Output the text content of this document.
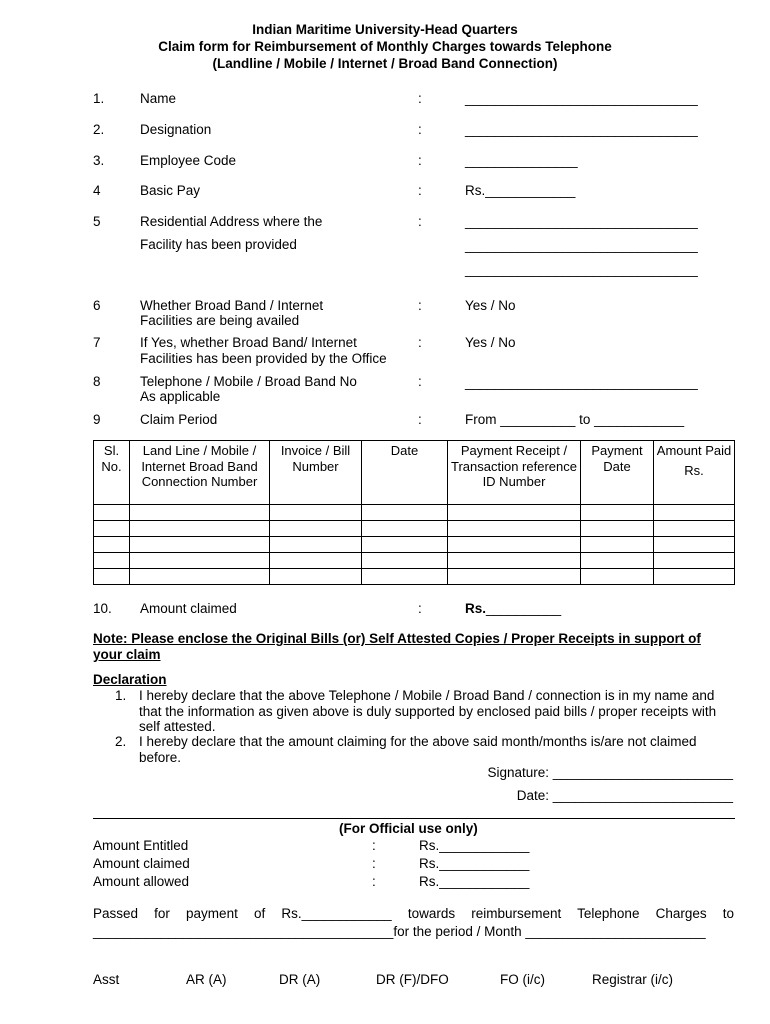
Indian Maritime University-Head Quarters
Claim form for Reimbursement of Monthly Charges towards Telephone
(Landline / Mobile / Internet / Broad Band Connection)
1.	Name	:	_______________________________
2.	Designation	:	_______________________________
3.	Employee Code	:	_______________
4	Basic Pay	:	Rs.____________
5	Residential Address where the
Facility has been provided
:	_______________________________
_______________________________
_______________________________
6	Whether Broad Band / Internet
Facilities are being availed
:	Yes / No
7	If Yes, whether Broad Band/ Internet
Facilities has been provided by the Office
:	Yes / No
8	Telephone / Mobile / Broad Band No
As applicable
:	_______________________________
9	Claim Period	:	From __________ to ____________
Sl. No.	Land Line / Mobile / Internet Broad Band Connection Number	Invoice / Bill Number	Date	Payment Receipt / Transaction reference ID Number	Payment Date	Amount Paid
Rs.

10. Amount claimed	:	Rs.__________
Note: Please enclose the Original Bills (or) Self Attested Copies / Proper Receipts in support of your claim
Declaration
1. I hereby declare that the above Telephone / Mobile / Broad Band / connection is in my name and that the information as given above is duly supported by enclosed paid bills / proper receipts with self attested.
2. I hereby declare that the amount claiming for the above said month/months is/are not claimed before.
Signature: ________________________
Date: ________________________
(For Official use only)
Amount Entitled	:	Rs.____________
Amount claimed	:	Rs.____________
Amount allowed	:	Rs.____________
Passed for payment of Rs.____________ towards reimbursement Telephone Charges to
________________________________________for the period / Month ________________________
Asst	AR (A)	DR (A)	DR (F)/DFO	FO (i/c)	Registrar (i/c)
